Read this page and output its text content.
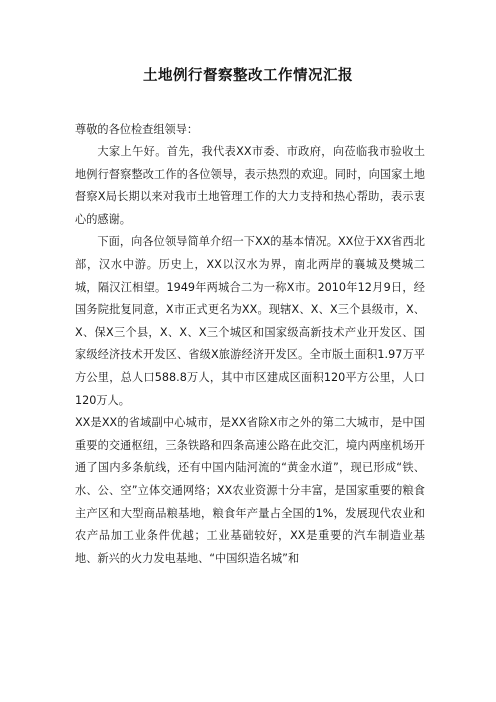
土地例行督察整改工作情况汇报
尊敬的各位检查组领导：

大家上午好。首先，我代表XX市委、市政府，向莅临我市验收土地例行督察整改工作的各位领导，表示热烈的欢迎。同时，向国家土地督察X局长期以来对我市土地管理工作的大力支持和热心帮助，表示衷心的感谢。

下面，向各位领导简单介绍一下XX的基本情况。XX位于XX省西北部，汉水中游。历史上，XX以汉水为界，南北两岸的襄城及樊城二城，隔汉江相望。1949年两城合二为一称X市。2010年12月9日，经国务院批复同意，X市正式更名为XX。现辖X、X、X三个县级市，X、X、保X三个县，X、X、X三个城区和国家级高新技术产业开发区、国家级经济技术开发区、省级X旅游经济开发区。全市版土面积1.97万平方公里，总人口588.8万人，其中市区建成区面积120平方公里，人口120万人。

XX是XX的省域副中心城市，是XX省除X市之外的第二大城市，是中国重要的交通枢纽，三条铁路和四条高速公路在此交汇，境内两座机场开通了国内多条航线，还有中国内陆河流的“黄金水道”，现已形成“铁、水、公、空”立体交通网络；XX农业资源十分丰富，是国家重要的粮食主产区和大型商品粮基地，粮食年产量占全国的1%，发展现代农业和农产品加工业条件优越；工业基础较好，XX是重要的汽车制造业基地、新兴的火力发电基地、“中国织造名城”和
